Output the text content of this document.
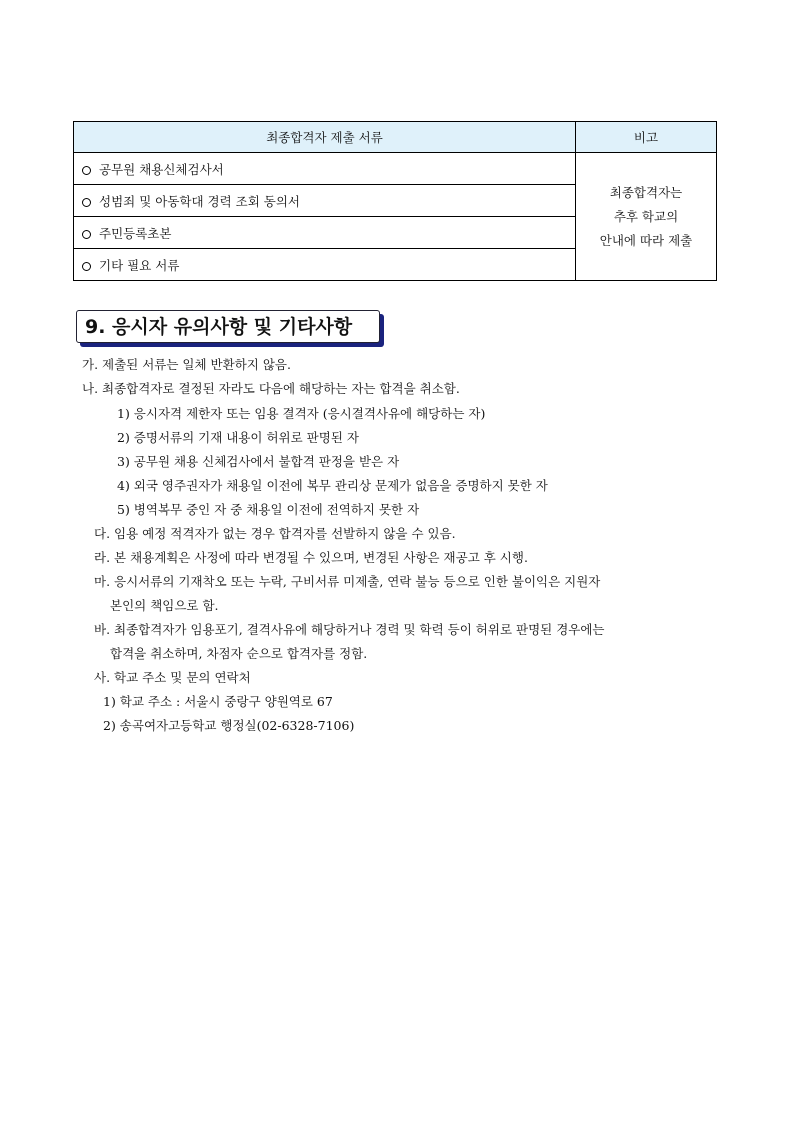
최종합격자 제출 서류	비고
공무원 채용신체검사서	최종합격자는
추후 학교의
안내에 따라 제출

성범죄 및 아동학대 경력 조회 동의서	
주민등록초본	
기타 필요 서류	
9. 응시자 유의사항 및 기타사항
가. 제출된 서류는 일체 반환하지 않음.
나. 최종합격자로 결정된 자라도 다음에 해당하는 자는 합격을 취소함.
1) 응시자격 제한자 또는 임용 결격자 (응시결격사유에 해당하는 자)
2) 증명서류의 기재 내용이 허위로 판명된 자
3) 공무원 채용 신체검사에서 불합격 판정을 받은 자
4) 외국 영주권자가 채용일 이전에 복무 관리상 문제가 없음을 증명하지 못한 자
5) 병역복무 중인 자 중 채용일 이전에 전역하지 못한 자
다. 임용 예정 적격자가 없는 경우 합격자를 선발하지 않을 수 있음.
라. 본 채용계획은 사정에 따라 변경될 수 있으며, 변경된 사항은 재공고 후 시행.
마. 응시서류의 기재착오 또는 누락, 구비서류 미제출, 연락 불능 등으로 인한 불이익은 지원자
본인의 책임으로 함.
바. 최종합격자가 임용포기, 결격사유에 해당하거나 경력 및 학력 등이 허위로 판명된 경우에는
합격을 취소하며, 차점자 순으로 합격자를 정함.
사. 학교 주소 및 문의 연락처
1) 학교 주소 : 서울시 중랑구 양원역로 67
2) 송곡여자고등학교 행정실(02-6328-7106)
